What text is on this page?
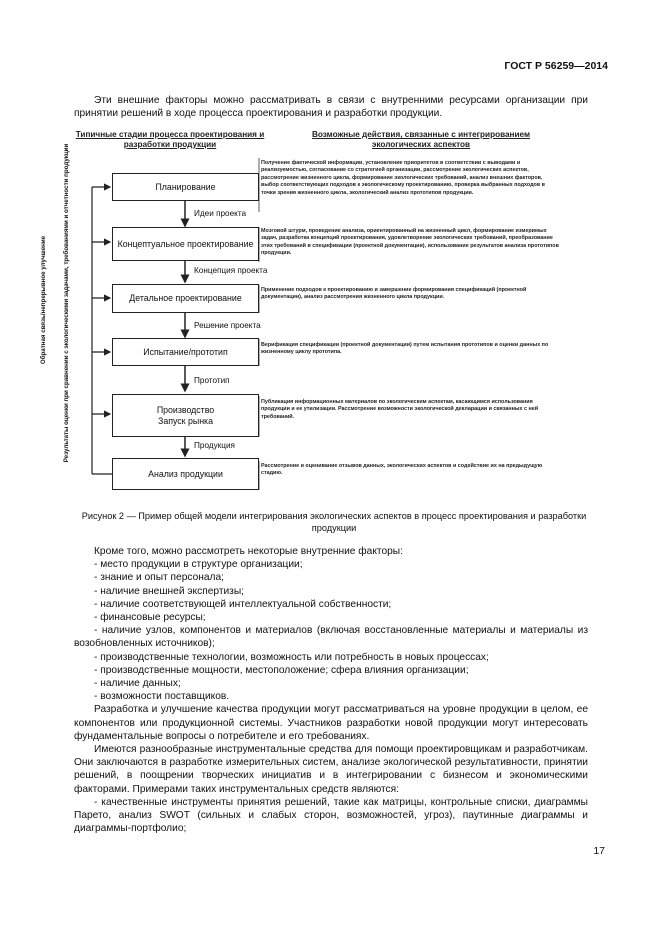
ГОСТ Р 56259—2014
Эти внешние факторы можно рассматривать в связи с внутренними ресурсами организации при принятии решений в ходе процесса проектирования и разработки продукции.
Типичные стадии процесса проектирования и разработки продукции
Возможные действия, связанные с интегрированием экологических аспектов
Планирование
Концептуальное проектирование
Детальное проектирование
Испытание/прототип
Производство Запуск рынка
Анализ продукции
Идеи проекта
Концепция проекта
Решение проекта
Прототип
Продукция
Обратная связь/непрерывное улучшение	Результаты оценки при сравнении с экологическими задачами, требованиями и отчетности продукции	Получение фактической информации, установление приоритетов в соответствии с выводами и реализуемостью, согласование со стратегией организации, рассмотрение экологических аспектов, рассмотрение жизненного цикла, формирование экологических требований, анализ внешних факторов, выбор соответствующих подходов к экологическому проектированию, проверка выбранных подходов в точки зрения жизненного цикла, экологический анализ прототипов продукции.
Мозговой штурм, проведение анализа, ориентированный на жизненный цикл, формирование измеримых задач, разработка концепций проектирования, удовлетворение экологических требований, преобразование этих требований в спецификации (проектной документации), использование результатов анализа прототипов продукции.
Применение подходов к проектированию и завершение формирования спецификаций (проектной документации), анализ рассмотрения жизненного цикла продукции.
Верификация спецификации (проектной документации) путем испытания прототипов и оценки данных по жизненному циклу прототипа.
Публикация информационных материалов по экологическим аспектам, касающимся использования продукции и ее утилизации. Рассмотрение возможности экологической декларации и связанных с ней требований.
Рассмотрение и оценивание отзывов данных, экологических аспектов и содействие их на предыдущую стадию.
Рисунок 2 — Пример общей модели интегрирования экологических аспектов в процесс проектирования и разработки продукции
Кроме того, можно рассмотреть некоторые внутренние факторы:
- место продукции в структуре организации;
- знание и опыт персонала;
- наличие внешней экспертизы;
- наличие соответствующей интеллектуальной собственности;
- финансовые ресурсы;
- наличие узлов, компонентов и материалов (включая восстановленные материалы и материалы из возобновленных источников);
- производственные технологии, возможность или потребность в новых процессах;
- производственные мощности, местоположение; сфера влияния организации;
- наличие данных;
- возможности поставщиков.
Разработка и улучшение качества продукции могут рассматриваться на уровне продукции в целом, ее компонентов или продукционной системы. Участников разработки новой продукции могут интересовать фундаментальные вопросы о потребителе и его требованиях.
Имеются разнообразные инструментальные средства для помощи проектировщикам и разработчикам. Они заключаются в разработке измерительных систем, анализе экологической результативности, принятии решений, в поощрении творческих инициатив и в интегрировании с бизнесом и экономическими факторами. Примерами таких инструментальных средств являются:
- качественные инструменты принятия решений, такие как матрицы, контрольные списки, диаграммы Парето, анализ SWOT (сильных и слабых сторон, возможностей, угроз), паутинные диаграммы и диаграммы-портфолио;
17
